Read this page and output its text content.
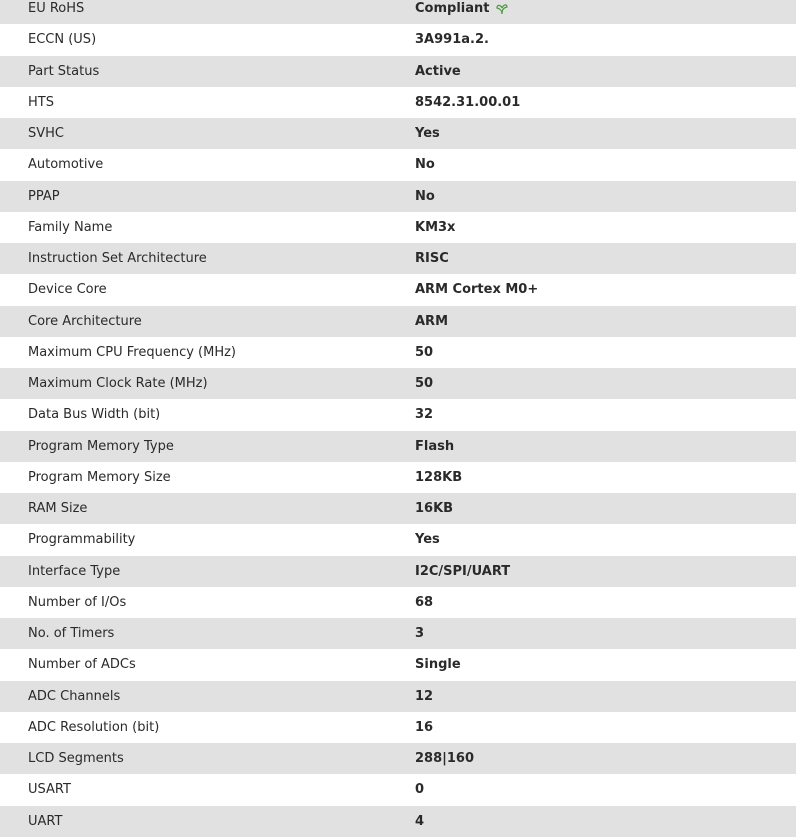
EU RoHS	Compliant
ECCN (US)	3A991a.2.
Part Status	Active
HTS	8542.31.00.01
SVHC	Yes
Automotive	No
PPAP	No
Family Name	KM3x
Instruction Set Architecture	RISC
Device Core	ARM Cortex M0+
Core Architecture	ARM
Maximum CPU Frequency (MHz)	50
Maximum Clock Rate (MHz)	50
Data Bus Width (bit)	32
Program Memory Type	Flash
Program Memory Size	128KB
RAM Size	16KB
Programmability	Yes
Interface Type	I2C/SPI/UART
Number of I/Os	68
No. of Timers	3
Number of ADCs	Single
ADC Channels	12
ADC Resolution (bit)	16
LCD Segments	288|160
USART	0
UART	4
